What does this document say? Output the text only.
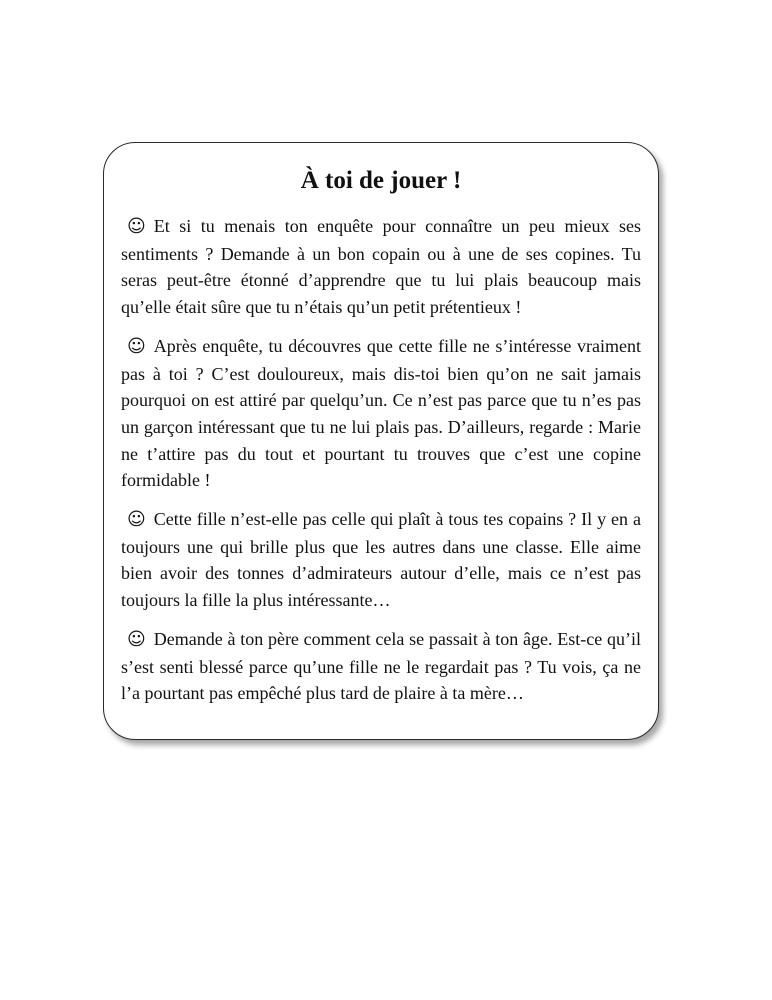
À toi de jouer !

☺ Et si tu menais ton enquête pour connaître un peu mieux ses sentiments ? Demande à un bon copain ou à une de ses copines. Tu seras peut-être étonné d’apprendre que tu lui plais beaucoup mais qu’elle était sûre que tu n’étais qu’un petit prétentieux !

☺ Après enquête, tu découvres que cette fille ne s’intéresse vraiment pas à toi ? C’est douloureux, mais dis-toi bien qu’on ne sait jamais pourquoi on est attiré par quelqu’un. Ce n’est pas parce que tu n’es pas un garçon intéressant que tu ne lui plais pas. D’ailleurs, regarde : Marie ne t’attire pas du tout et pourtant tu trouves que c’est une copine formidable !

☺ Cette fille n’est-elle pas celle qui plaît à tous tes copains ? Il y en a toujours une qui brille plus que les autres dans une classe. Elle aime bien avoir des tonnes d’admirateurs autour d’elle, mais ce n’est pas toujours la fille la plus intéressante…

☺ Demande à ton père comment cela se passait à ton âge. Est-ce qu’il s’est senti blessé parce qu’une fille ne le regardait pas ? Tu vois, ça ne l’a pourtant pas empêché plus tard de plaire à ta mère…
